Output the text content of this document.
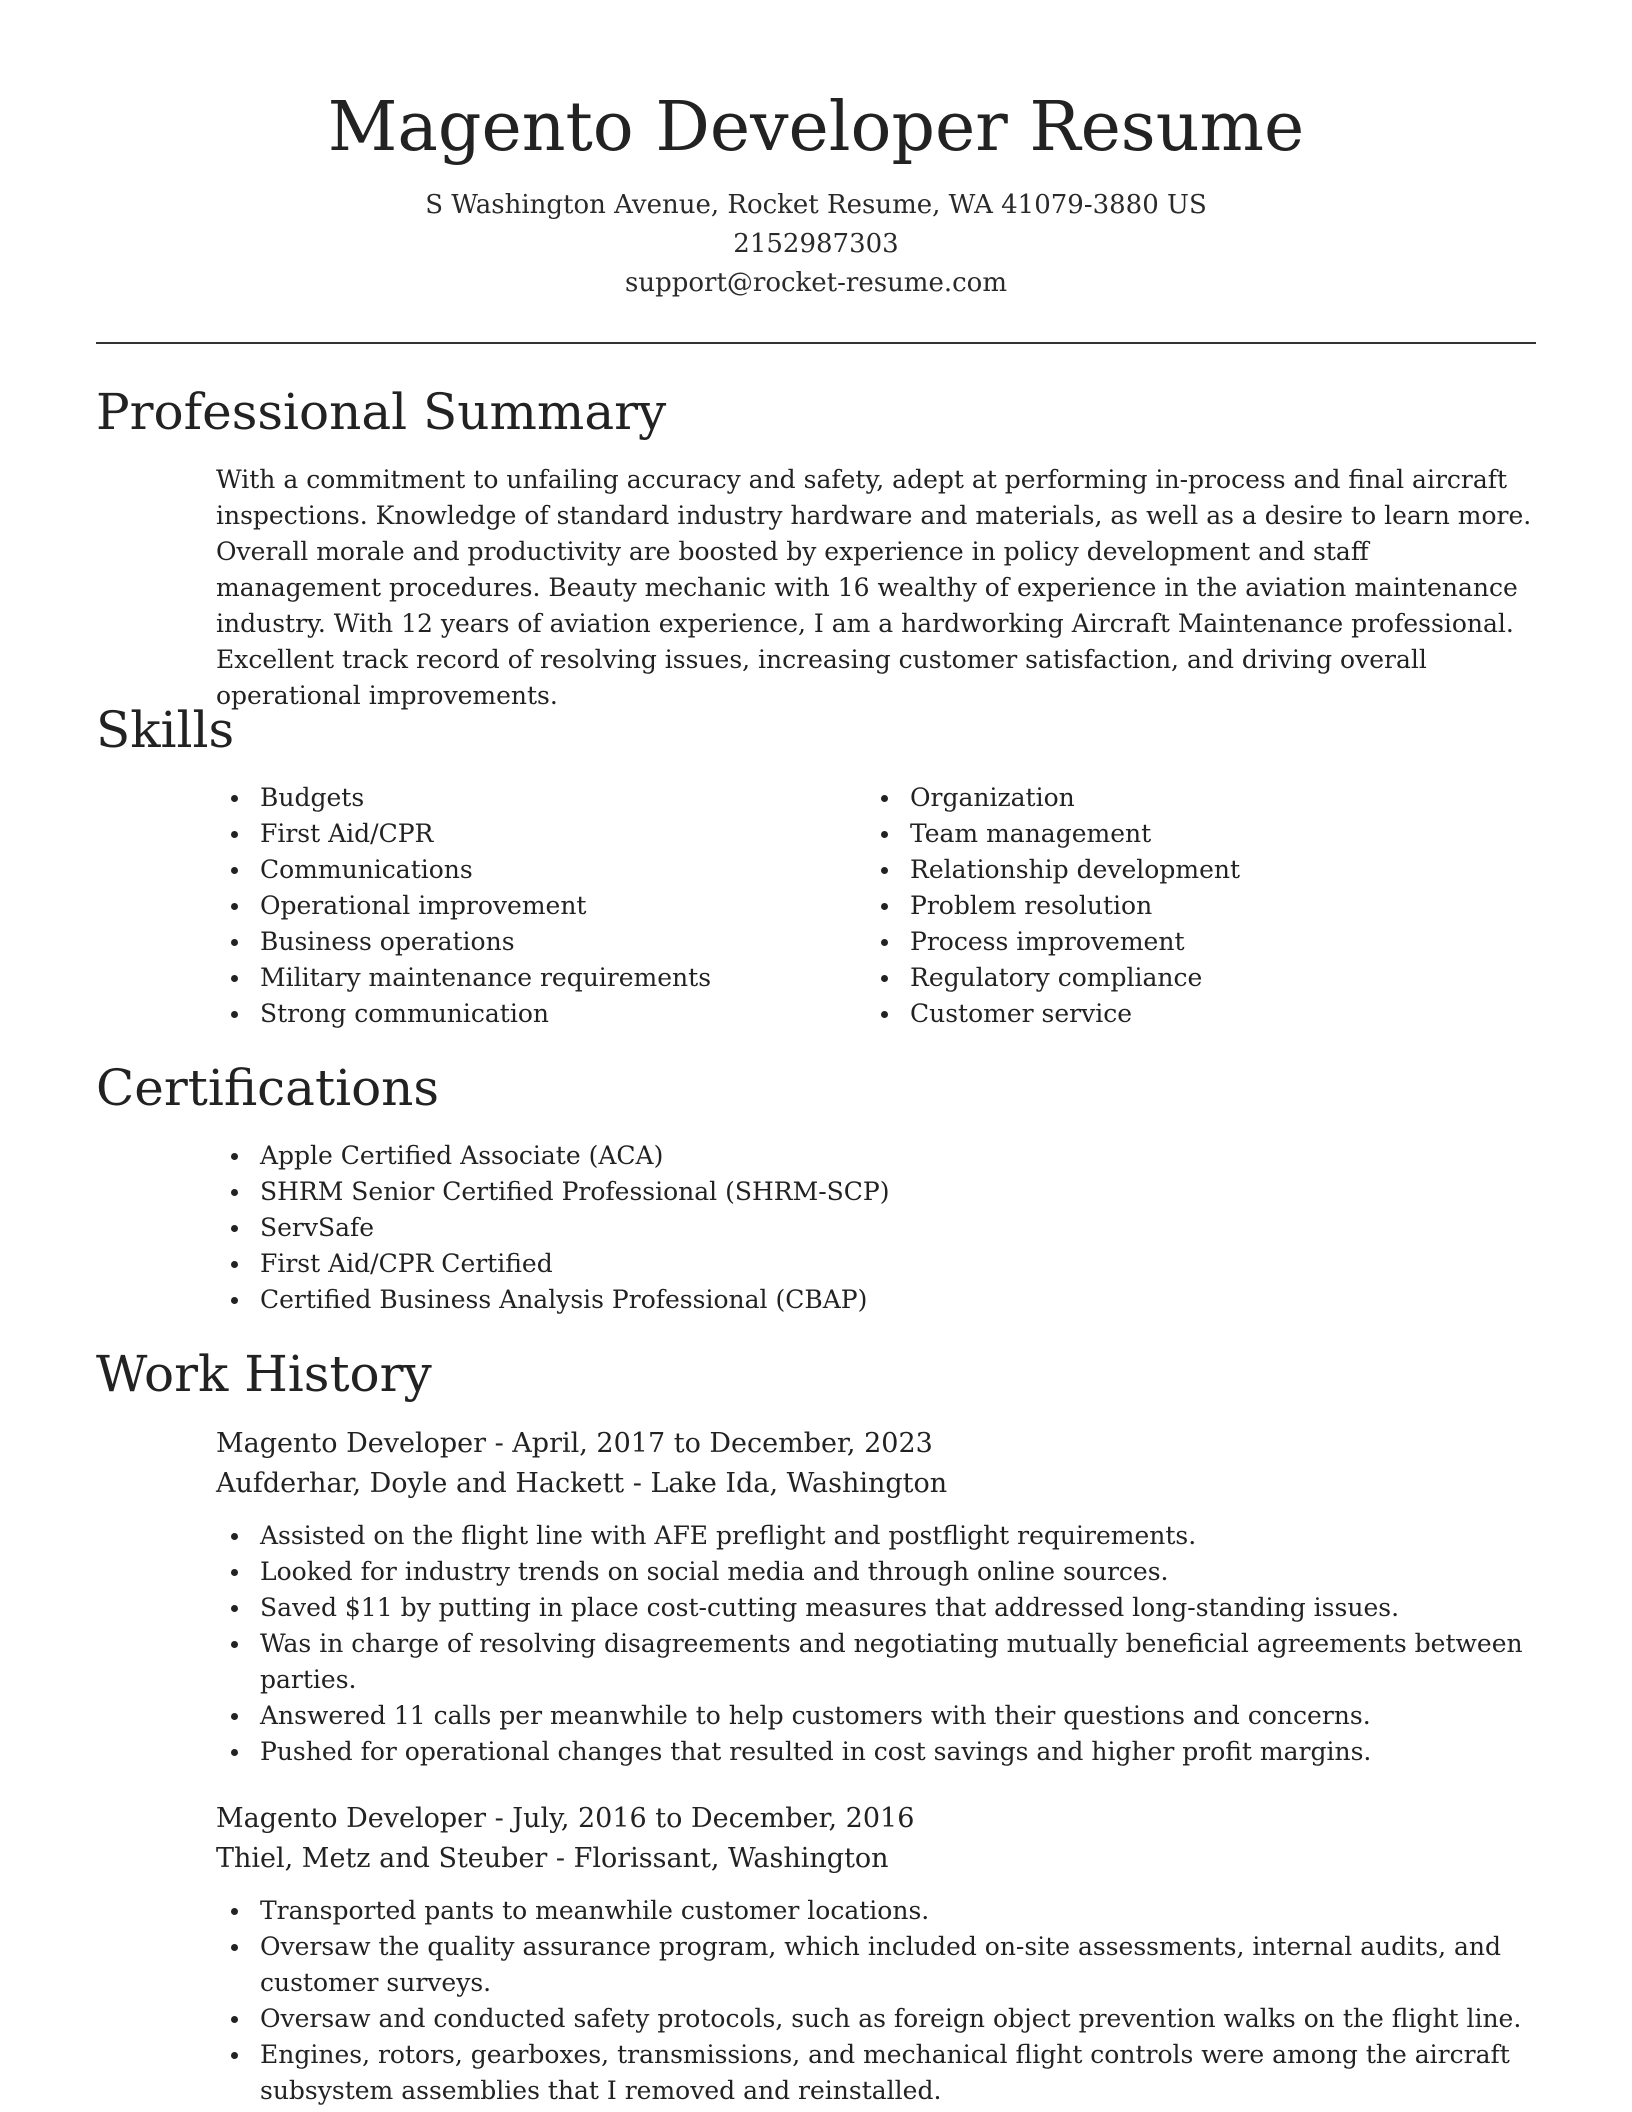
Magento Developer Resume
S Washington Avenue, Rocket Resume, WA 41079-3880 US
2152987303
support@rocket-resume.com
Professional Summary

With a commitment to unfailing accuracy and safety, adept at performing in-process and final aircraft inspections. Knowledge of standard industry hardware and materials, as well as a desire to learn more. Overall morale and productivity are boosted by experience in policy development and staff management procedures. Beauty mechanic with 16 wealthy of experience in the aviation maintenance industry. With 12 years of aviation experience, I am a hardworking Aircraft Maintenance professional. Excellent track record of resolving issues, increasing customer satisfaction, and driving overall operational improvements.

Skills
Budgets
First Aid/CPR
Communications
Operational improvement
Business operations
Military maintenance requirements
Strong communication
Organization
Team management
Relationship development
Problem resolution
Process improvement
Regulatory compliance
Customer service
Certifications
Apple Certified Associate (ACA)
SHRM Senior Certified Professional (SHRM-SCP)
ServSafe
First Aid/CPR Certified
Certified Business Analysis Professional (CBAP)
Work History

Magento Developer - April, 2017 to December, 2023

Aufderhar, Doyle and Hackett - Lake Ida, Washington

Assisted on the flight line with AFE preflight and postflight requirements.
Looked for industry trends on social media and through online sources.
Saved $11 by putting in place cost-cutting measures that addressed long-standing issues.
Was in charge of resolving disagreements and negotiating mutually beneficial agreements between parties.
Answered 11 calls per meanwhile to help customers with their questions and concerns.
Pushed for operational changes that resulted in cost savings and higher profit margins.

Magento Developer - July, 2016 to December, 2016

Thiel, Metz and Steuber - Florissant, Washington

Transported pants to meanwhile customer locations.
Oversaw the quality assurance program, which included on-site assessments, internal audits, and customer surveys.
Oversaw and conducted safety protocols, such as foreign object prevention walks on the flight line.
Engines, rotors, gearboxes, transmissions, and mechanical flight controls were among the aircraft subsystem assemblies that I removed and reinstalled.
